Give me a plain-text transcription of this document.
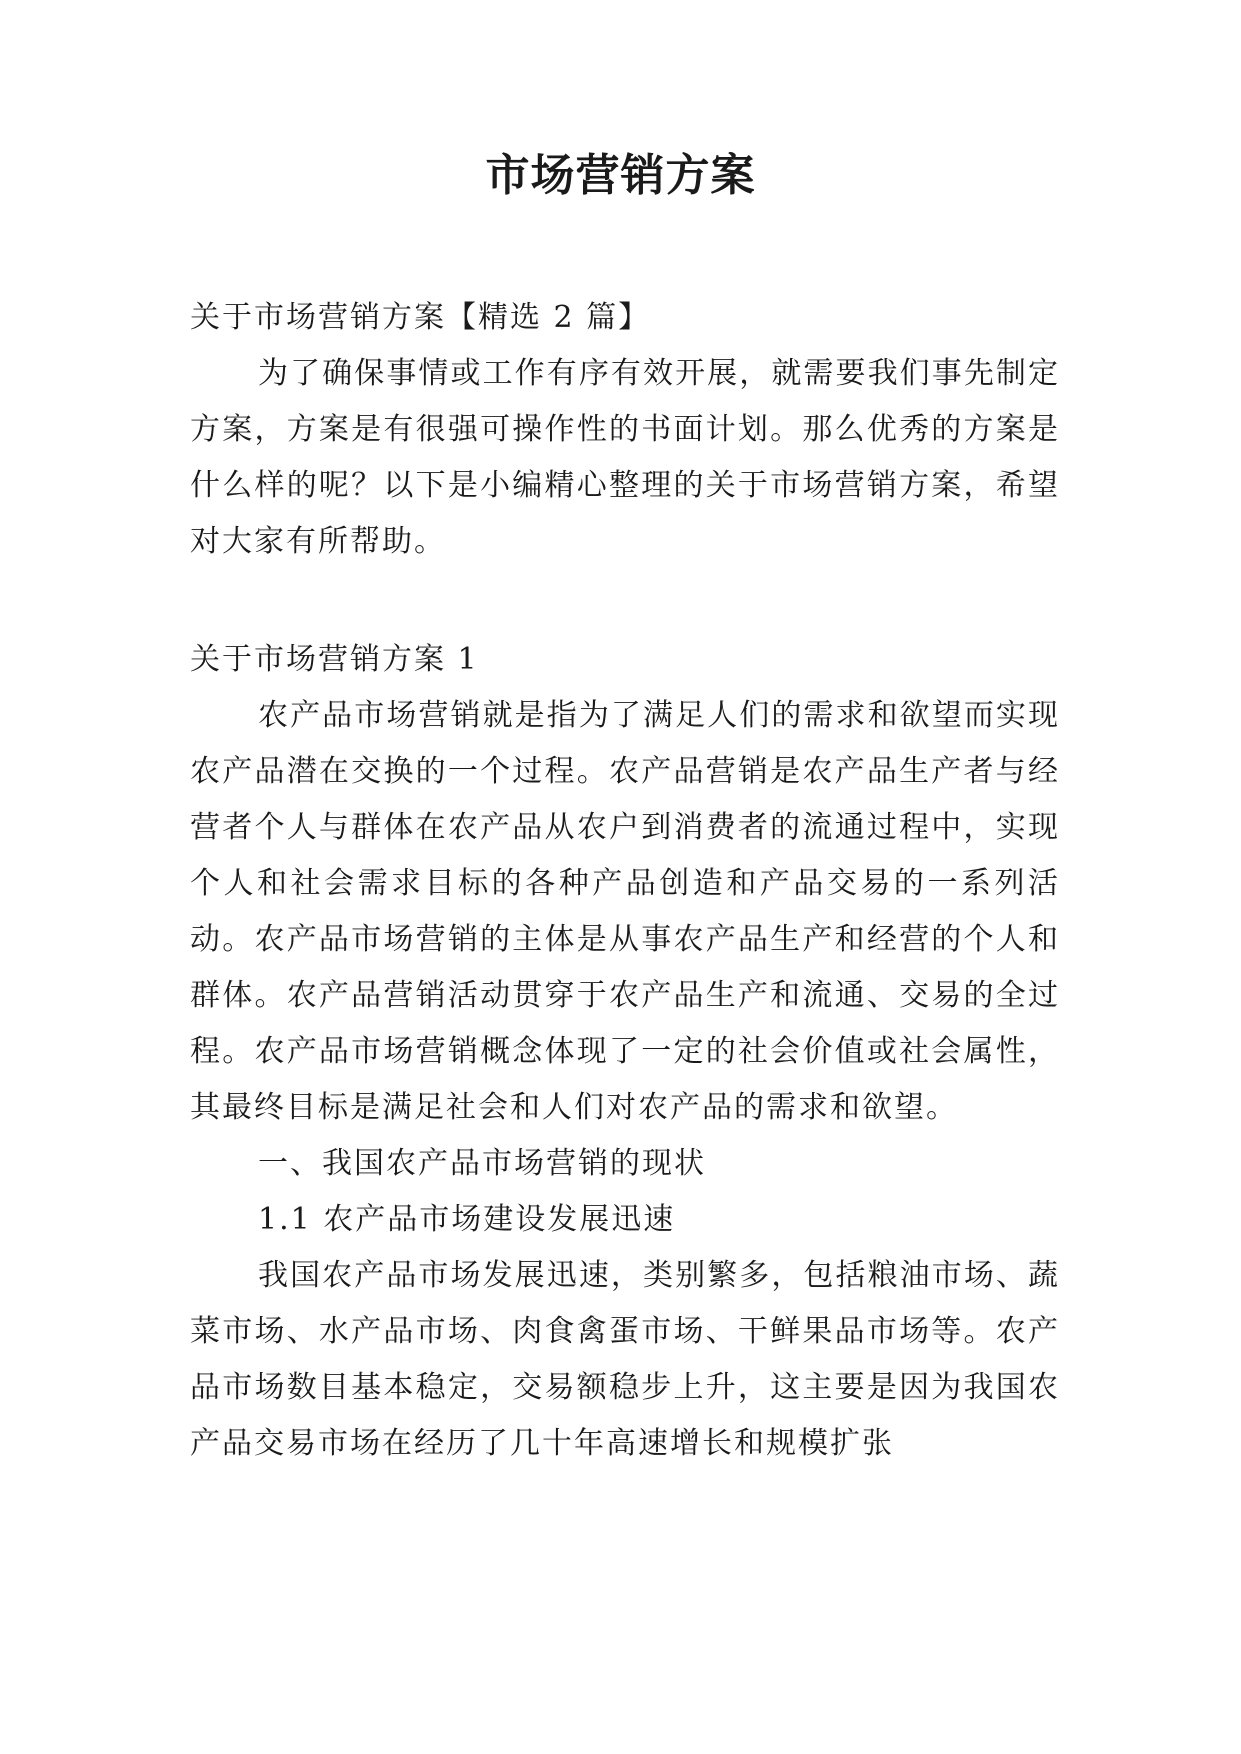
市场营销方案

关于市场营销方案【精选 2 篇】

为了确保事情或工作有序有效开展，就需要我们事先制定方案，方案是有很强可操作性的书面计划。那么优秀的方案是什么样的呢？以下是小编精心整理的关于市场营销方案，希望对大家有所帮助。

关于市场营销方案 1

农产品市场营销就是指为了满足人们的需求和欲望而实现农产品潜在交换的一个过程。农产品营销是农产品生产者与经营者个人与群体在农产品从农户到消费者的流通过程中，实现个人和社会需求目标的各种产品创造和产品交易的一系列活动。农产品市场营销的主体是从事农产品生产和经营的个人和群体。农产品营销活动贯穿于农产品生产和流通、交易的全过程。农产品市场营销概念体现了一定的社会价值或社会属性，其最终目标是满足社会和人们对农产品的需求和欲望。

一、我国农产品市场营销的现状

1.1 农产品市场建设发展迅速

我国农产品市场发展迅速，类别繁多，包括粮油市场、蔬菜市场、水产品市场、肉食禽蛋市场、干鲜果品市场等。农产品市场数目基本稳定，交易额稳步上升，这主要是因为我国农产品交易市场在经历了几十年高速增长和规模扩张
